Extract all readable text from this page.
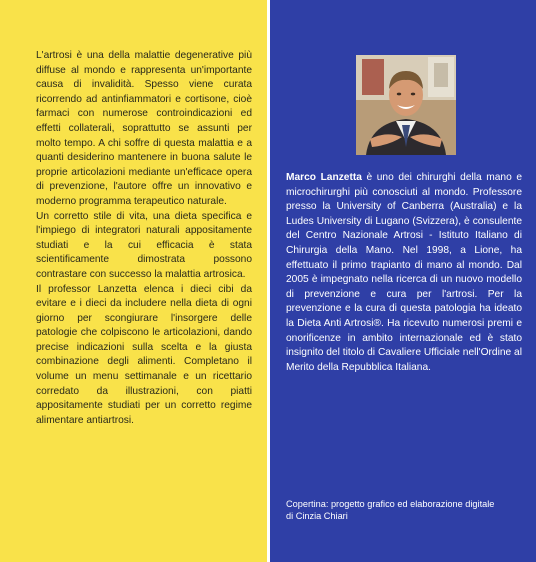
L'artrosi è una della malattie degenerative più diffuse al mondo e rappresenta un'importante causa di invalidità. Spesso viene curata ricorrendo ad antinfiammatori e cortisone, cioè farmaci con numerose controindicazioni ed effetti collaterali, soprattutto se assunti per molto tempo. A chi soffre di questa malattia e a quanti desiderino mantenere in buona salute le proprie articolazioni mediante un'efficace opera di prevenzione, l'autore offre un innovativo e moderno programma terapeutico naturale.

Un corretto stile di vita, una dieta specifica e l'impiego di integratori naturali appositamente studiati e la cui efficacia è stata scientificamente dimostrata possono contrastare con successo la malattia artrosica.

Il professor Lanzetta elenca i dieci cibi da evitare e i dieci da includere nella dieta di ogni giorno per scongiurare l'insorgere delle patologie che colpiscono le articolazioni, dando precise indicazioni sulla scelta e la giusta combinazione degli alimenti. Completano il volume un menu settimanale e un ricettario corredato da illustrazioni, con piatti appositamente studiati per un corretto regime alimentare antiartrosi.

Marco Lanzetta è uno dei chirurghi della mano e microchirurghi più conosciuti al mondo. Professore presso la University of Canberra (Australia) e la Ludes University di Lugano (Svizzera), è consulente del Centro Nazionale Artrosi - Istituto Italiano di Chirurgia della Mano. Nel 1998, a Lione, ha effettuato il primo trapianto di mano al mondo. Dal 2005 è impegnato nella ricerca di un nuovo modello di prevenzione e cura per l'artrosi. Per la prevenzione e la cura di questa patologia ha ideato la Dieta Anti Artrosi®. Ha ricevuto numerosi premi e onorificenze in ambito internazionale ed è stato insignito del titolo di Cavaliere Ufficiale nell'Ordine al Merito della Repubblica Italiana.
Copertina: progetto grafico ed elaborazione digitale
di Cinzia Chiari
